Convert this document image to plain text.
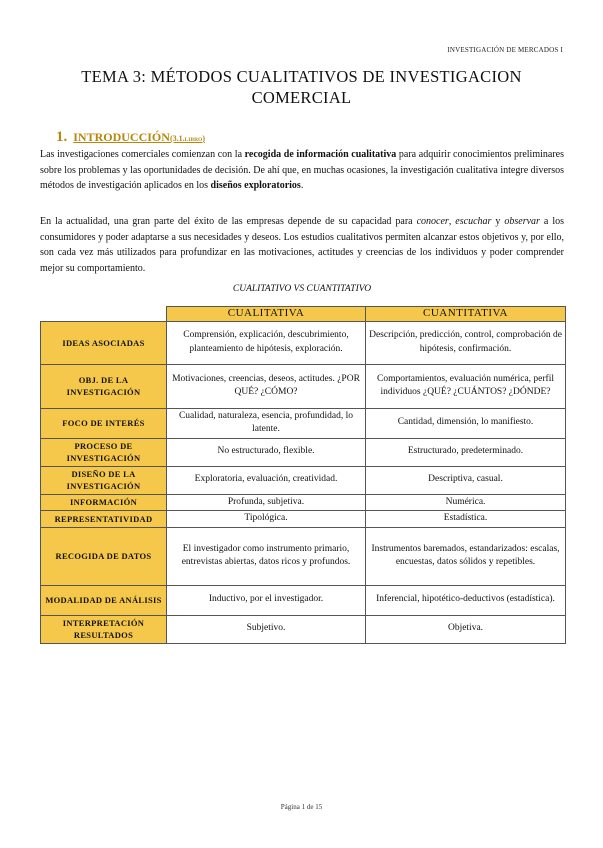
INVESTIGACIÓN DE MERCADOS I
TEMA 3: MÉTODOS CUALITATIVOS DE INVESTIGACION
COMERCIAL
1. INTRODUCCIÓN(3.1.LIBRO)
Las investigaciones comerciales comienzan con la recogida de información cualitativa para adquirir conocimientos preliminares sobre los problemas y las oportunidades de decisión. De ahí que, en muchas ocasiones, la investigación cualitativa integre diversos métodos de investigación aplicados en los diseños exploratorios.
En la actualidad, una gran parte del éxito de las empresas depende de su capacidad para conocer, escuchar y observar a los consumidores y poder adaptarse a sus necesidades y deseos. Los estudios cualitativos permiten alcanzar estos objetivos y, por ello, son cada vez más utilizados para profundizar en las motivaciones, actitudes y creencias de los individuos y poder comprender mejor su comportamiento.
CUALITATIVO VS CUANTITATIVO
	CUALITATIVA	CUANTITATIVA
IDEAS ASOCIADAS	Comprensión, explicación, descubrimiento, planteamiento de hipótesis, exploración.	Descripción, predicción, control, comprobación de hipótesis, confirmación.
OBJ. DE LA INVESTIGACIÓN	Motivaciones, creencias, deseos, actitudes. ¿POR QUÉ? ¿CÓMO?	Comportamientos, evaluación numérica, perfil individuos ¿QUÉ? ¿CUÁNTOS? ¿DÓNDE?
FOCO DE INTERÉS	Cualidad, naturaleza, esencia, profundidad, lo latente.	Cantidad, dimensión, lo manifiesto.
PROCESO DE INVESTIGACIÓN	No estructurado, flexible.	Estructurado, predeterminado.
DISEÑO DE LA INVESTIGACIÓN	Exploratoria, evaluación, creatividad.	Descriptiva, casual.
INFORMACIÓN	Profunda, subjetiva.	Numérica.
REPRESENTATIVIDAD	Tipológica.	Estadística.
RECOGIDA DE DATOS	El investigador como instrumento primario, entrevistas abiertas, datos ricos y profundos.	Instrumentos baremados, estandarizados: escalas, encuestas, datos sólidos y repetibles.
MODALIDAD DE ANÁLISIS	Inductivo, por el investigador.	Inferencial, hipotético-deductivos (estadística).
INTERPRETACIÓN RESULTADOS	Subjetivo.	Objetiva.
Página 1 de 15
